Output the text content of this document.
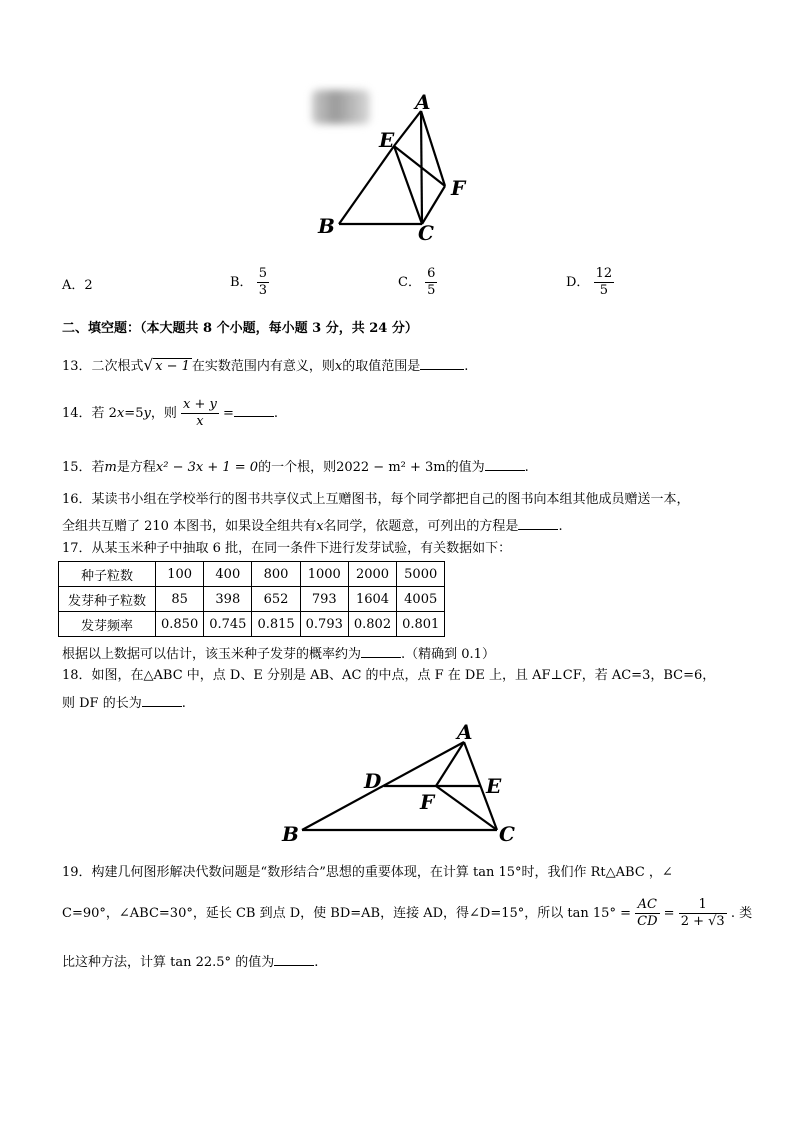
A
E
F
B	C
A．2	B． $\frac{5}{3}$	C． $\frac{6}{5}$	D． $\frac{12}{5}$
二、填空题：（本大题共 8 个小题，每小题 3 分，共 24 分）
13．二次根式√ x − 1 在实数范围内有意义，则x的取值范围是	.
14．若 2x=5y，则 $\frac{x + y}{x}$ =	.
15．若m是方程x² − 3x + 1 = 0的一个根，则2022 − m² + 3m的值为	.
16．某读书小组在学校举行的图书共享仪式上互赠图书，每个同学都把自己的图书向本组其他成员赠送一本，
全组共互赠了 210 本图书，如果设全组共有x名同学，依题意，可列出的方程是	.
17．从某玉米种子中抽取 6 批，在同一条件下进行发芽试验，有关数据如下：
种子粒数	100	400	800	1000	2000	5000
发芽种子粒数	85	398	652	793	1604	4005
发芽频率	0.850	0.745	0.815	0.793	0.802	0.801
根据以上数据可以估计，该玉米种子发芽的概率约为	.（精确到 0.1）
18．如图，在△ABC 中，点 D、E 分别是 AB、AC 的中点，点 F 在 DE 上，且 AF⊥CF，若 AC=3，BC=6，
则 DF 的长为	.
A
D	E
F
B	C
19．构建几何图形解决代数问题是“数形结合”思想的重要体现，在计算 tan 15°时，我们作 Rt△ABC ，∠
C=90°，∠ABC=30°，延长 CB 到点 D，使 BD=AB，连接 AD，得∠D=15°，所以 $\tan 15^\circ = \frac{AC}{CD} = \frac{1}{2 + √3}$ . 类
比这种方法，计算 tan 22.5° 的值为	.
